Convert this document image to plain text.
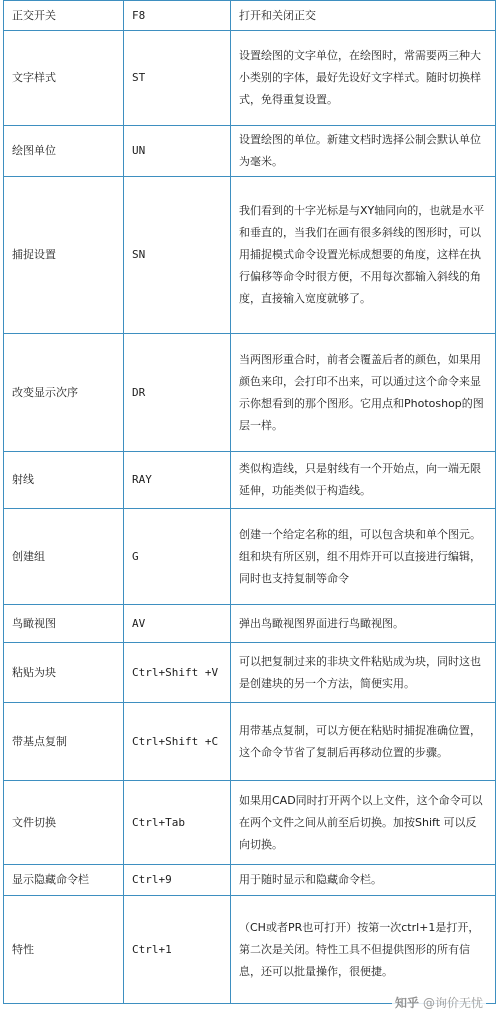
正交开关	F8	打开和关闭正交
文字样式	ST	设置绘图的文字单位，在绘图时，常需要两三种大小类别的字体，最好先设好文字样式。随时切换样式，免得重复设置。
绘图单位	UN	设置绘图的单位。新建文档时选择公制会默认单位为毫米。
捕捉设置	SN	我们看到的十字光标是与XY轴同向的，也就是水平和垂直的，当我们在画有很多斜线的图形时，可以用捕捉模式命令设置光标成想要的角度，这样在执行偏移等命令时很方便，不用每次都输入斜线的角度，直接输入宽度就够了。
改变显示次序	DR	当两图形重合时，前者会覆盖后者的颜色，如果用颜色来印，会打印不出来，可以通过这个命令来显示你想看到的那个图形。它用点和Photoshop的图层一样。
射线	RAY	类似构造线，只是射线有一个开始点，向一端无限延伸，功能类似于构造线。
创建组	G	创建一个给定名称的组，可以包含块和单个图元。组和块有所区别，组不用炸开可以直接进行编辑，同时也支持复制等命令
鸟瞰视图	AV	弹出鸟瞰视图界面进行鸟瞰视图。
粘贴为块	Ctrl+Shift +V	可以把复制过来的非块文件粘贴成为块，同时这也是创建块的另一个方法，简便实用。
带基点复制	Ctrl+Shift +C	用带基点复制，可以方便在粘贴时捕捉准确位置，这个命令节省了复制后再移动位置的步骤。
文件切换	Ctrl+Tab	如果用CAD同时打开两个以上文件，这个命令可以在两个文件之间从前至后切换。加按Shift 可以反向切换。
显示隐藏命令栏	Ctrl+9	用于随时显示和隐藏命令栏。
特性	Ctrl+1	（CH或者PR也可打开）按第一次ctrl+1是打开，第二次是关闭。特性工具不但提供图形的所有信息，还可以批量操作，很便捷。
知乎 @询价无忧
